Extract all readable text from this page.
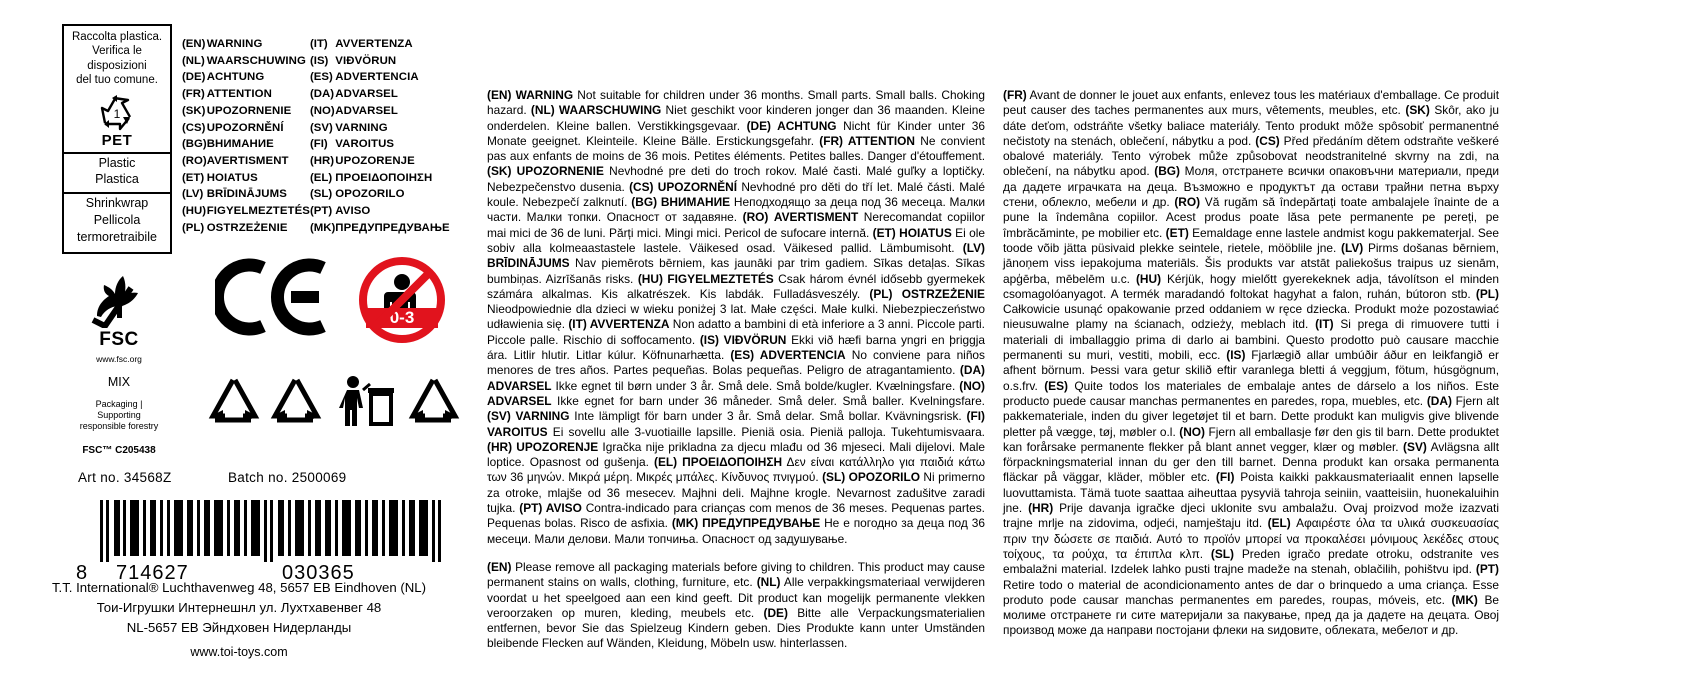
Raccolta plastica.
Verifica le disposizioni
del tuo comune.
1
PET
Plastic
Plastica
Shrinkwrap
Pellicola
termoretraibile
(EN)	WARNING	(IT)	AVVERTENZA
(NL)	WAARSCHUWING	(IS)	VIÐVÖRUN
(DE)	ACHTUNG	(ES)	ADVERTENCIA
(FR)	ATTENTION	(DA)	ADVARSEL
(SK)	UPOZORNENIE	(NO)	ADVARSEL
(CS)	UPOZORNĚNÍ	(SV)	VARNING
(BG)	ВНИМАНИЕ	(FI)	VAROITUS
(RO)	AVERTISMENT	(HR)	UPOZORENJE
(ET)	HOIATUS	(EL)	ΠΡΟΕΙΔΟΠΟΙΗΣΗ
(LV)	BRĪDINĀJUMS	(SL)	OPOZORILO
(HU)	FIGYELMEZTETÉS	(PT)	AVISO
(PL)	OSTRZEŻENIE	(MK)	ПРЕДУПРЕДУВАЊЕ
FSC
www.fsc.org
MIX
Packaging | Supporting
responsible forestry
FSC™ C205438
0-3
Art no. 34568Z	Batch no. 2500069
8 714627	030365
T.T. International® Luchthavenweg 48, 5657 EB Eindhoven (NL)
Тои-Игрушки Интернешнл ул. Лухтхавенвег 48
NL-5657 ЕВ Эйндховен Нидерланды
www.toi-toys.com

(EN) WARNING Not suitable for children under 36 months. Small parts. Small balls. Choking hazard. (NL) WAARSCHUWING Niet geschikt voor kinderen jonger dan 36 maanden. Kleine onderdelen. Kleine ballen. Verstikkingsgevaar. (DE) ACHTUNG Nicht für Kinder unter 36 Monate geeignet. Kleinteile. Kleine Bälle. Erstickungsgefahr. (FR) ATTENTION Ne convient pas aux enfants de moins de 36 mois. Petites éléments. Petites balles. Danger d'étouffement. (SK) UPOZORNENIE Nevhodné pre deti do troch rokov. Malé časti. Malé guľky a loptičky. Nebezpečenstvo dusenia. (CS) UPOZORNĚNÍ Nevhodné pro děti do tří let. Malé části. Malé koule. Nebezpečí zalknutí. (BG) ВНИМАНИЕ Неподходящо за деца под 36 месеца. Малки части. Малки топки. Опасност от задавяне. (RO) AVERTISMENT Nerecomandat copiilor mai mici de 36 de luni. Părți mici. Mingi mici. Pericol de sufocare internă. (ET) HOIATUS Ei ole sobiv alla kolmeaastastele lastele. Väikesed osad. Väikesed pallid. Lämbumisoht. (LV) BRĪDINĀJUMS Nav piemērots bērniem, kas jaunāki par trim gadiem. Sīkas detaļas. Sīkas bumbiņas. Aizrīšanās risks. (HU) FIGYELMEZTETÉS Csak három évnél idősebb gyermekek számára alkalmas. Kis alkatrészek. Kis labdák. Fulladásveszély. (PL) OSTRZEŻENIE Nieodpowiednie dla dzieci w wieku poniżej 3 lat. Małe części. Małe kulki. Niebezpieczeństwo udławienia się. (IT) AVVERTENZA Non adatto a bambini di età inferiore a 3 anni. Piccole parti. Piccole palle. Rischio di soffocamento. (IS) VIÐVÖRUN Ekki við hæfi barna yngri en þriggja ára. Litlir hlutir. Litlar kúlur. Köfnunarhætta. (ES) ADVERTENCIA No conviene para niños menores de tres años. Partes pequeñas. Bolas pequeñas. Peligro de atragantamiento. (DA) ADVARSEL Ikke egnet til børn under 3 år. Små dele. Små bolde/kugler. Kvælningsfare. (NO) ADVARSEL Ikke egnet for barn under 36 måneder. Små deler. Små baller. Kvelningsfare. (SV) VARNING Inte lämpligt för barn under 3 år. Små delar. Små bollar. Kvävningsrisk. (FI) VAROITUS Ei sovellu alle 3-vuotiaille lapsille. Pieniä osia. Pieniä palloja. Tukehtumisvaara. (HR) UPOZORENJE Igračka nije prikladna za djecu mlađu od 36 mjeseci. Mali dijelovi. Male loptice. Opasnost od gušenja. (EL) ΠΡΟΕΙΔΟΠΟΙΗΣΗ Δεν είναι κατάλληλο για παιδιά κάτω των 36 μηνών. Μικρά μέρη. Μικρές μπάλες. Κίνδυνος πνιγμού. (SL) OPOZORILO Ni primerno za otroke, mlajše od 36 mesecev. Majhni deli. Majhne krogle. Nevarnost zadušitve zaradi tujka. (PT) AVISO Contra-indicado para crianças com menos de 36 meses. Pequenas partes. Pequenas bolas. Risco de asfixia. (MK) ПРЕДУПРЕДУВАЊЕ Не е погодно за деца под 36 месеци. Мали делови. Мали топчиња. Опасност од задушување.

(EN) Please remove all packaging materials before giving to children. This product may cause permanent stains on walls, clothing, furniture, etc. (NL) Alle verpakkingsmateriaal verwijderen voordat u het speelgoed aan een kind geeft. Dit product kan mogelijk permanente vlekken veroorzaken op muren, kleding, meubels etc. (DE) Bitte alle Verpackungsmaterialien entfernen, bevor Sie das Spielzeug Kindern geben. Dies Produkte kann unter Umständen bleibende Flecken auf Wänden, Kleidung, Möbeln usw. hinterlassen.

(FR) Avant de donner le jouet aux enfants, enlevez tous les matériaux d'emballage. Ce produit peut causer des taches permanentes aux murs, vêtements, meubles, etc. (SK) Skôr, ako ju dáte deťom, odstráňte všetky baliace materiály. Tento produkt môže spôsobiť permanentné nečistoty na stenách, oblečení, nábytku a pod. (CS) Před předáním dětem odstraňte veškeré obalové materiály. Tento výrobek může způsobovat neodstranitelné skvrny na zdi, na oblečení, na nábytku apod. (BG) Моля, отстранете всички опаковъчни материали, преди да дадете играчката на деца. Възможно е продуктът да остави трайни петна върху стени, облекло, мебели и др. (RO) Vă rugăm să îndepărtați toate ambalajele înainte de a pune la îndemâna copiilor. Acest produs poate lăsa pete permanente pe pereți, pe îmbrăcăminte, pe mobilier etc. (ET) Eemaldage enne lastele andmist kogu pakkematerjal. See toode võib jätta püsivaid plekke seintele, rietele, mööblile jne. (LV) Pirms došanas bērniem, jānoņem viss iepakojuma materiāls. Šis produkts var atstāt paliekošus traipus uz sienām, apģērba, mēbelēm u.c. (HU) Kérjük, hogy mielőtt gyerekeknek adja, távolítson el minden csomagolóanyagot. A termék maradandó foltokat hagyhat a falon, ruhán, bútoron stb. (PL) Całkowicie usunąć opakowanie przed oddaniem w ręce dziecka. Produkt może pozostawiać nieusuwalne plamy na ścianach, odzieży, meblach itd. (IT) Si prega di rimuovere tutti i materiali di imballaggio prima di darlo ai bambini. Questo prodotto può causare macchie permanenti su muri, vestiti, mobili, ecc. (IS) Fjarlægið allar umbúðir áður en leikfangið er afhent börnum. Þessi vara getur skilið eftir varanlega bletti á veggjum, fötum, húsgögnum, o.s.frv. (ES) Quite todos los materiales de embalaje antes de dárselo a los niños. Este producto puede causar manchas permanentes en paredes, ropa, muebles, etc. (DA) Fjern alt pakkemateriale, inden du giver legetøjet til et barn. Dette produkt kan muligvis give blivende pletter på vægge, tøj, møbler o.l. (NO) Fjern all emballasje før den gis til barn. Dette produktet kan forårsake permanente flekker på blant annet vegger, klær og møbler. (SV) Avlägsna allt förpackningsmaterial innan du ger den till barnet. Denna produkt kan orsaka permanenta fläckar på väggar, kläder, möbler etc. (FI) Poista kaikki pakkausmateriaalit ennen lapselle luovuttamista. Tämä tuote saattaa aiheuttaa pysyviä tahroja seiniin, vaatteisiin, huonekaluihin jne. (HR) Prije davanja igračke djeci uklonite svu ambalažu. Ovaj proizvod može izazvati trajne mrlje na zidovima, odjeći, namještaju itd. (EL) Αφαιρέστε όλα τα υλικά συσκευασίας πριν την δώσετε σε παιδιά. Αυτό το προϊόν μπορεί να προκαλέσει μόνιμους λεκέδες στους τοίχους, τα ρούχα, τα έπιπλα κλπ. (SL) Preden igračo predate otroku, odstranite ves embalažni material. Izdelek lahko pusti trajne madeže na stenah, oblačilih, pohištvu ipd. (PT) Retire todo o material de acondicionamento antes de dar o brinquedo a uma criança. Esse produto pode causar manchas permanentes em paredes, roupas, móveis, etc. (MK) Ве молиме отстранете ги сите материјали за пакување, пред да ја дадете на децата. Овој производ може да направи постојани флеки на ѕидовите, облеката, мебелот и др.
